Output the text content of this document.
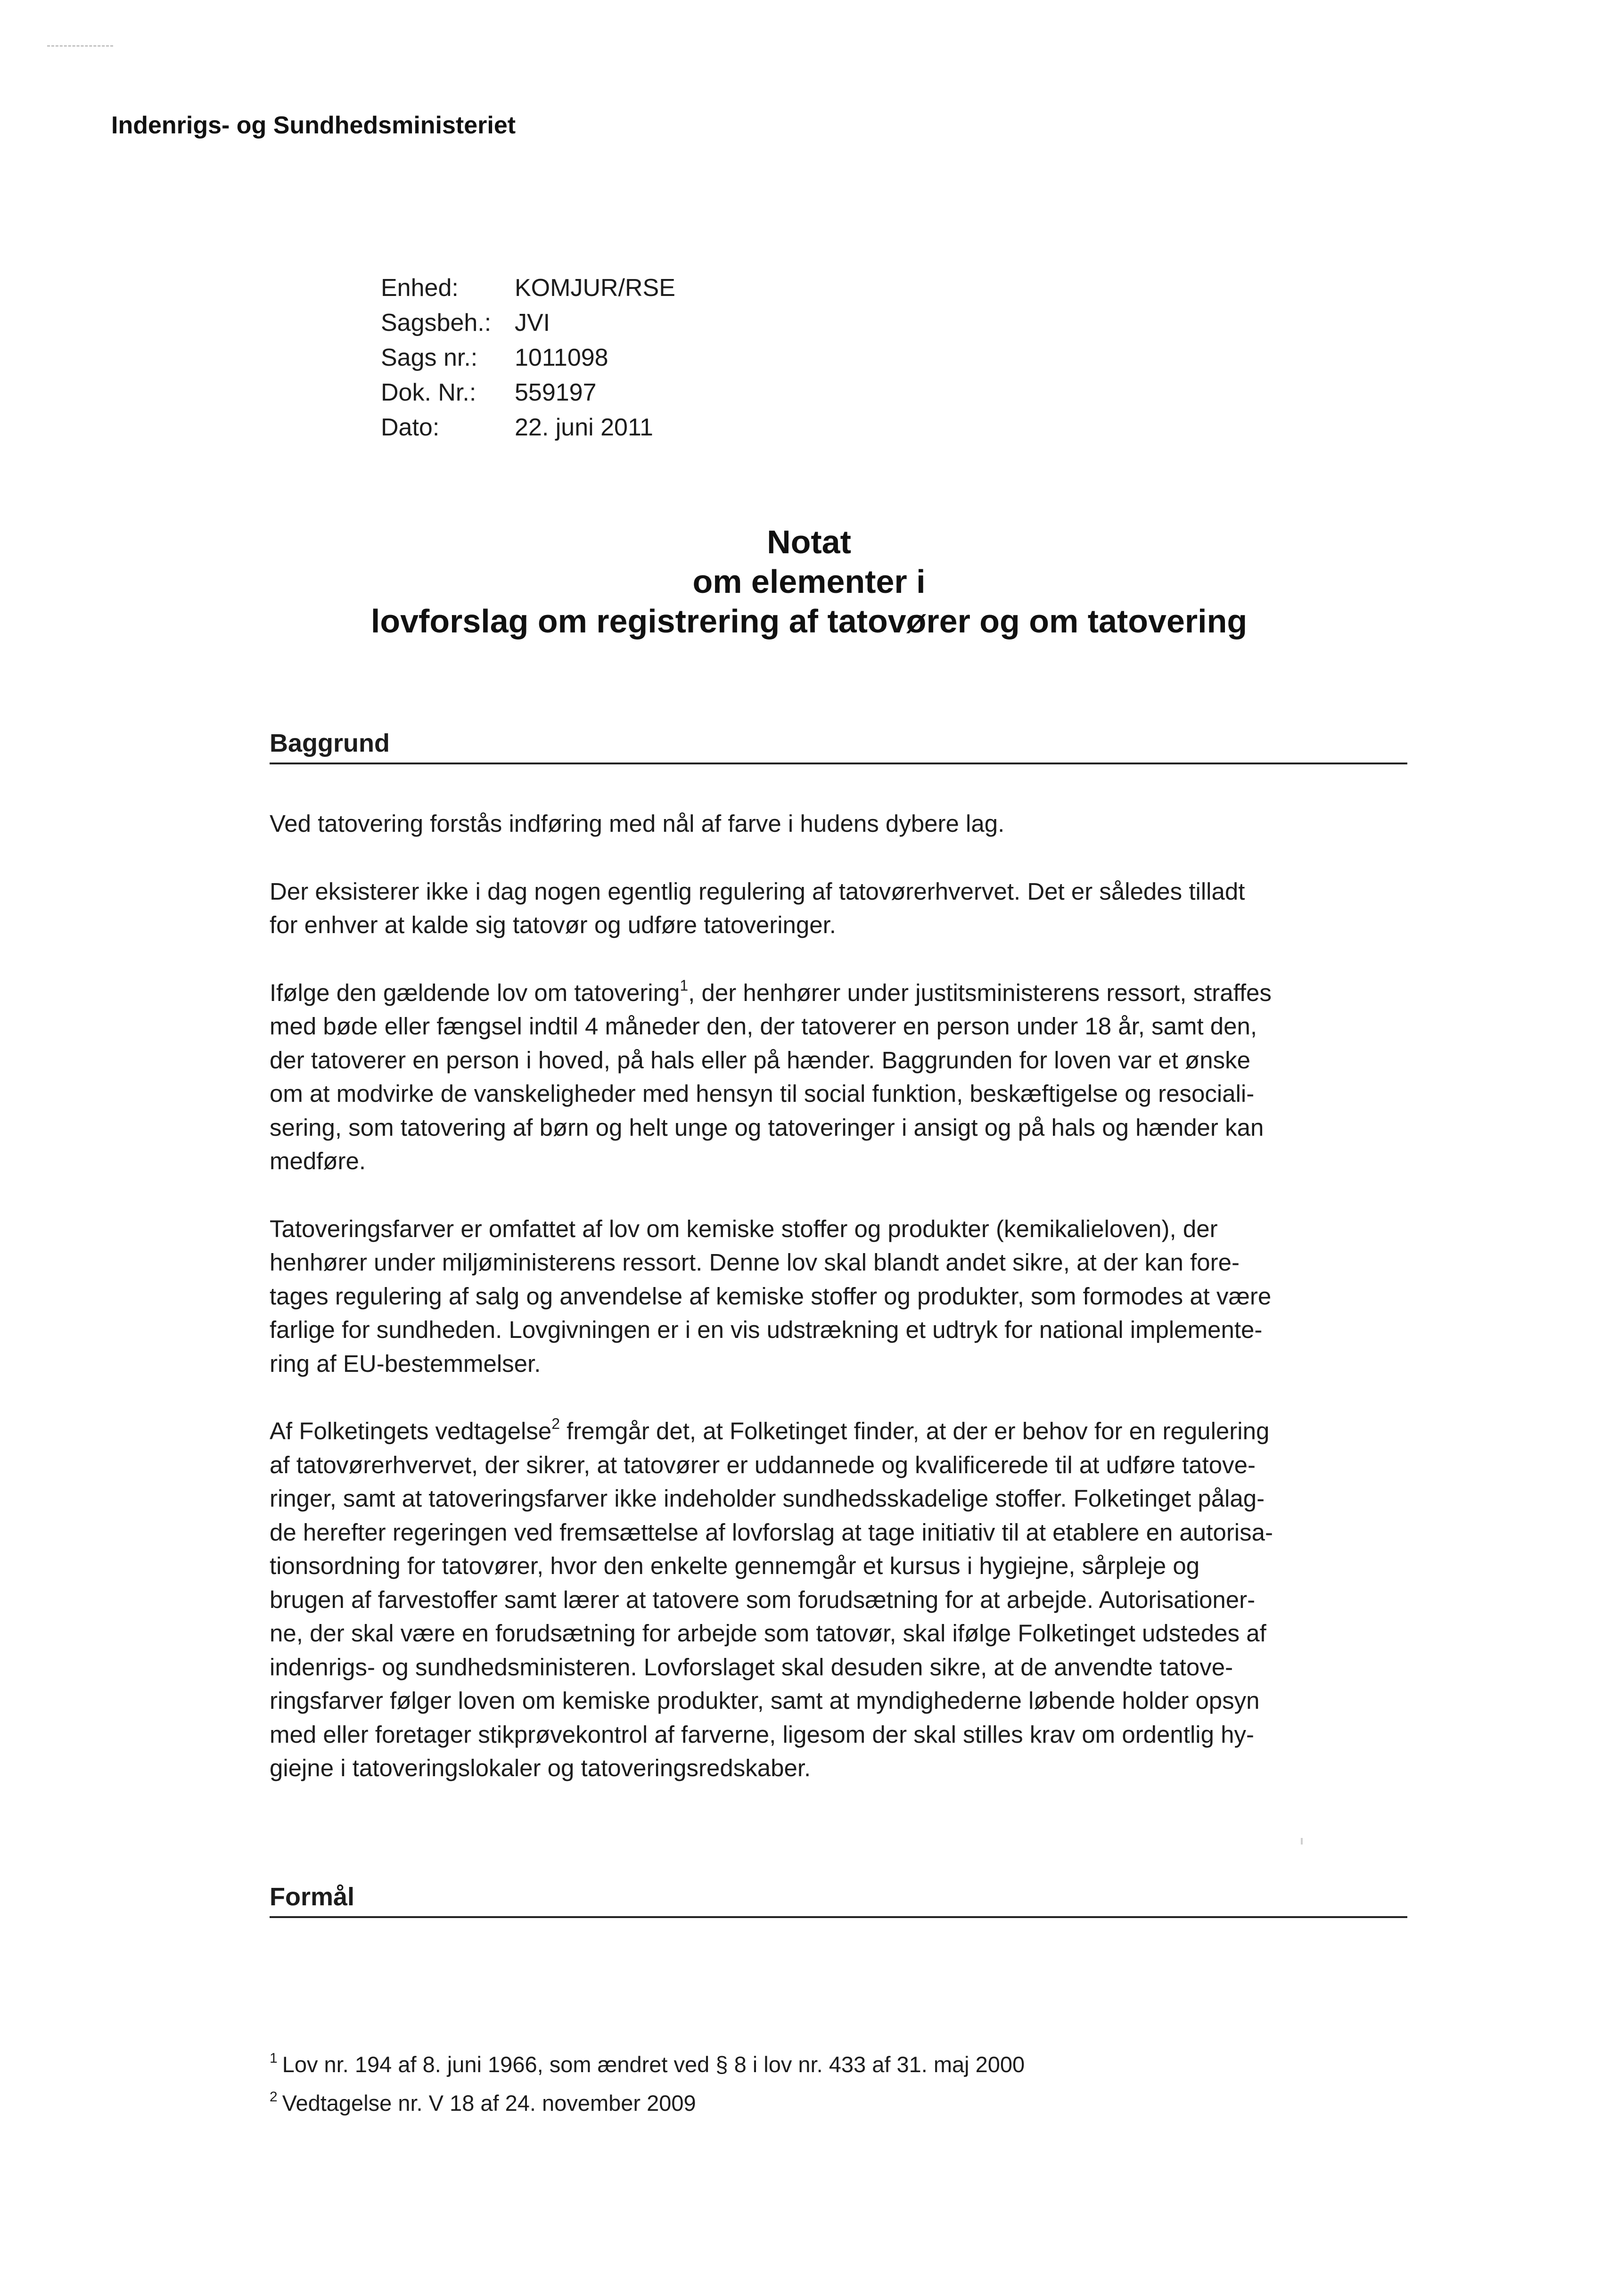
Indenrigs- og Sundhedsministeriet
Enhed:	KOMJUR/RSE
Sagsbeh.: JVI
Sags nr.:	1011098
Dok. Nr.:	559197
Dato:	22. juni 2011
Notat
om elementer i
lovforslag om registrering af tatovører og om tatovering
Baggrund

Ved tatovering forstås indføring med nål af farve i hudens dybere lag.

Der eksisterer ikke i dag nogen egentlig regulering af tatovørerhvervet. Det er således tilladt
for enhver at kalde sig tatovør og udføre tatoveringer.

Ifølge den gældende lov om tatovering$^1$, der henhører under justitsministerens ressort, straffes
med bøde eller fængsel indtil 4 måneder den, der tatoverer en person under 18 år, samt den,
der tatoverer en person i hoved, på hals eller på hænder. Baggrunden for loven var et ønske
om at modvirke de vanskeligheder med hensyn til social funktion, beskæftigelse og resociali-
sering, som tatovering af børn og helt unge og tatoveringer i ansigt og på hals og hænder kan
medføre.

Tatoveringsfarver er omfattet af lov om kemiske stoffer og produkter (kemikalieloven), der
henhører under miljøministerens ressort. Denne lov skal blandt andet sikre, at der kan fore-
tages regulering af salg og anvendelse af kemiske stoffer og produkter, som formodes at være
farlige for sundheden. Lovgivningen er i en vis udstrækning et udtryk for national implemente-
ring af EU-bestemmelser.

Af Folketingets vedtagelse$^2$ fremgår det, at Folketinget finder, at der er behov for en regulering
af tatovørerhvervet, der sikrer, at tatovører er uddannede og kvalificerede til at udføre tatove-
ringer, samt at tatoveringsfarver ikke indeholder sundhedsskadelige stoffer. Folketinget pålag-
de herefter regeringen ved fremsættelse af lovforslag at tage initiativ til at etablere en autorisa-
tionsordning for tatovører, hvor den enkelte gennemgår et kursus i hygiejne, sårpleje og
brugen af farvestoffer samt lærer at tatovere som forudsætning for at arbejde. Autorisationer-
ne, der skal være en forudsætning for arbejde som tatovør, skal ifølge Folketinget udstedes af
indenrigs- og sundhedsministeren. Lovforslaget skal desuden sikre, at de anvendte tatove-
ringsfarver følger loven om kemiske produkter, samt at myndighederne løbende holder opsyn
med eller foretager stikprøvekontrol af farverne, ligesom der skal stilles krav om ordentlig hy-
giejne i tatoveringslokaler og tatoveringsredskaber.

Formål
$^1$ Lov nr. 194 af 8. juni 1966, som ændret ved § 8 i lov nr. 433 af 31. maj 2000
$^2$ Vedtagelse nr. V 18 af 24. november 2009
